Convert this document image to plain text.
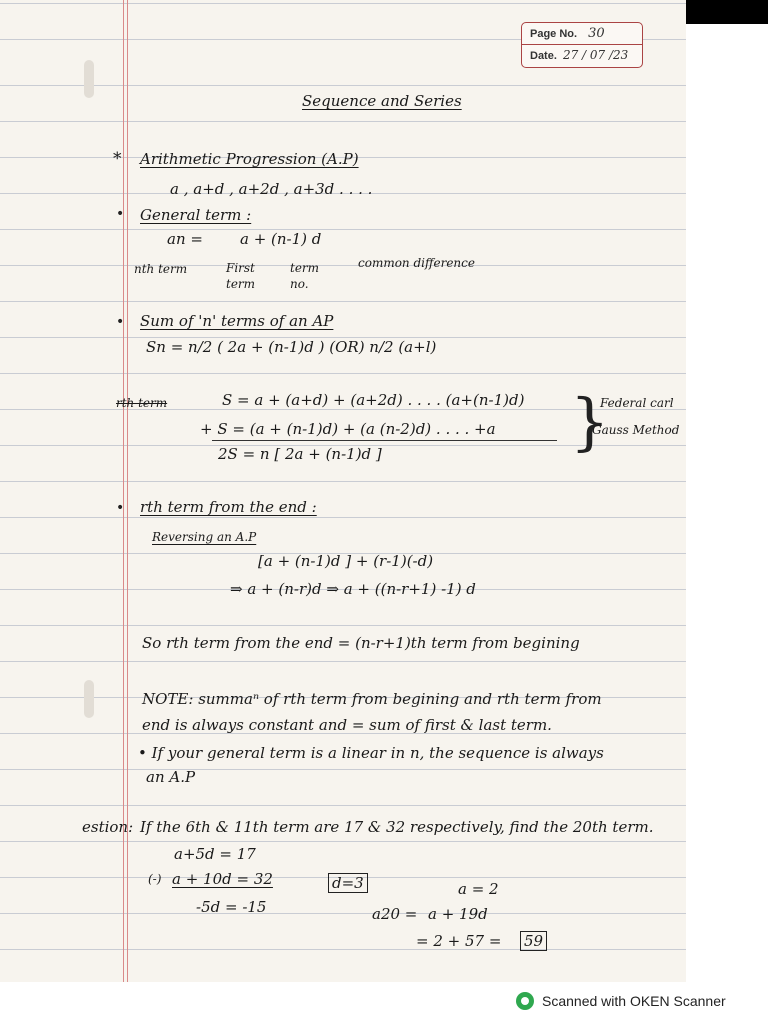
Page No. 30
Date. 27 / 07 /23
Sequence and Series
* Arithmetic Progression (A.P)
a , a+d , a+2d , a+3d . . . .
• General term :
an = a + (n-1) d
nth term	First term
term no.
common difference
• Sum of 'n' terms of an AP
Sn = n/2 ( 2a + (n-1)d ) (OR) n/2 (a+l)
rth term	S = a + (a+d) + (a+2d) . . . . (a+(n-1)d)
+ S = (a + (n-1)d) + (a (n-2)d) . . . . +a
2S = n [ 2a + (n-1)d ]	}
Federal carl
Gauss Method
• rth term from the end :
Reversing an A.P
[a + (n-1)d ] + (r-1)(-d)
⇒ a + (n-r)d ⇒ a + ((n-r+1) -1) d
So rth term from the end = (n-r+1)th term from begining
NOTE: summaⁿ of rth term from begining and rth term from
end is always constant and = sum of first & last term.
• If your general term is a linear in n, the sequence is always
an A.P
estion: If the 6th & 11th term are 17 & 32 respectively, find the 20th term.
a+5d = 17
(-) a + 10d = 32
-5d = -15
d=3	a = 2
a20 = a + 19d
= 2 + 57 = 59
Scanned with OKEN Scanner
